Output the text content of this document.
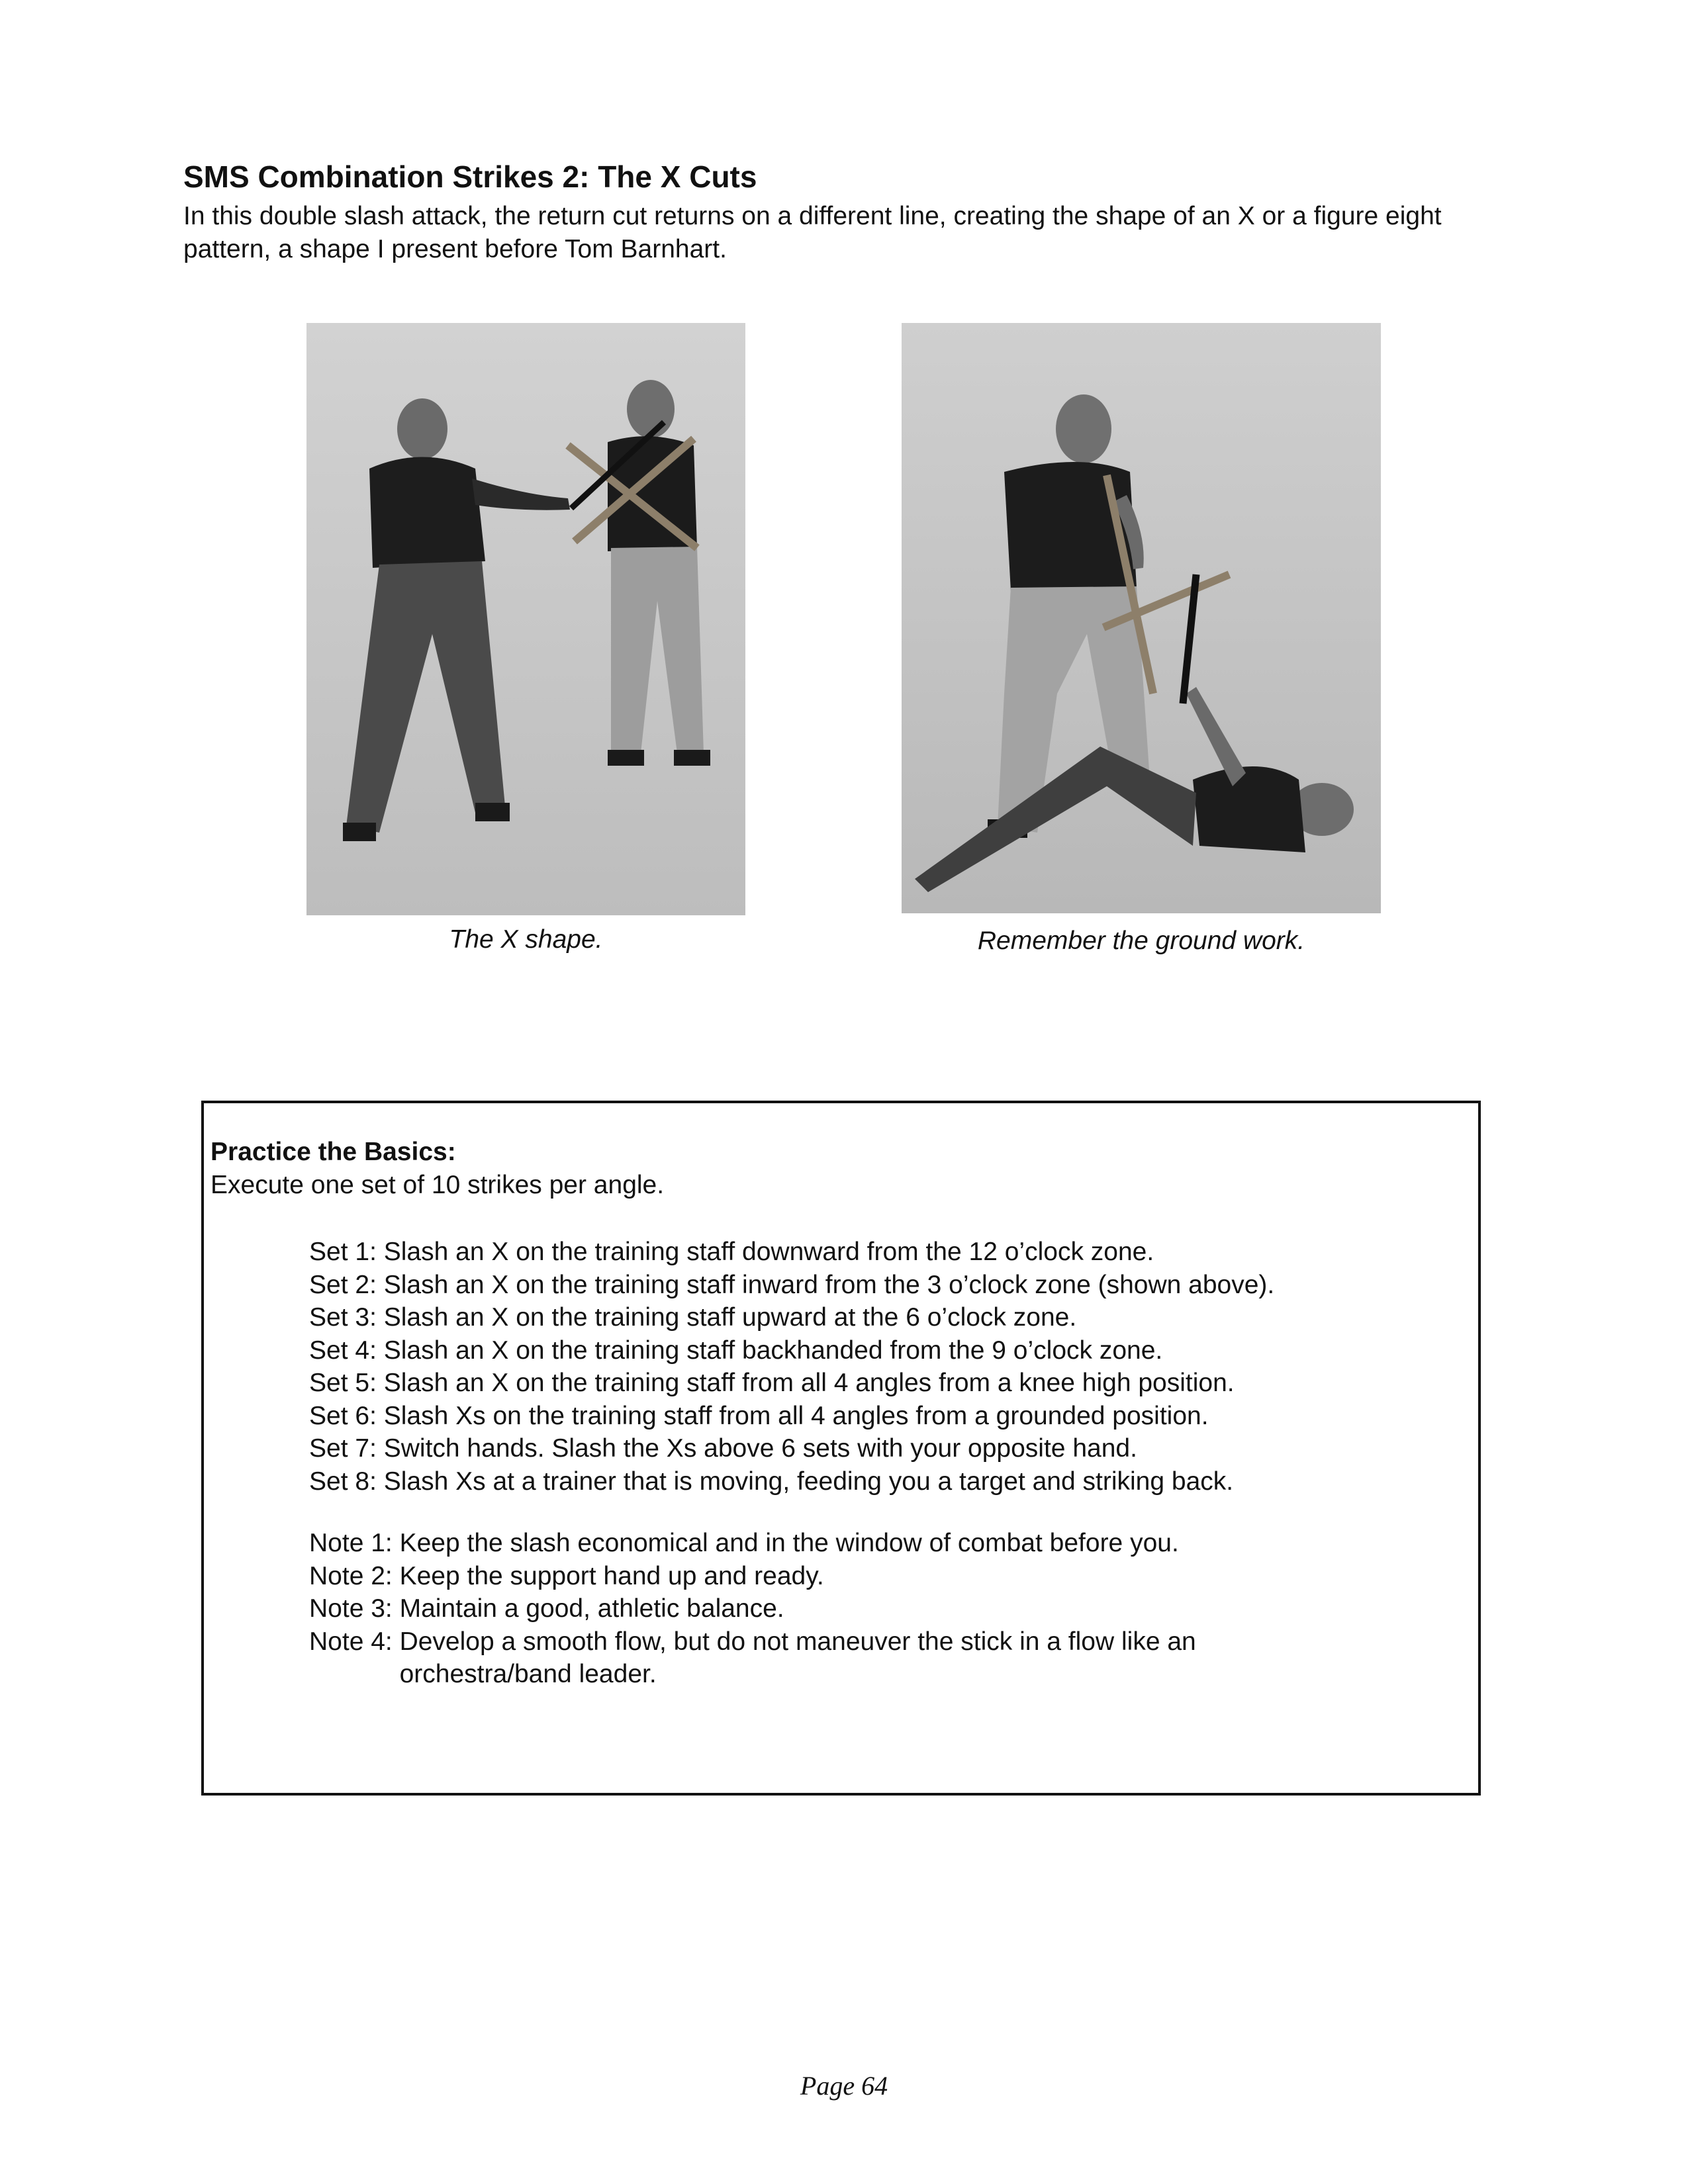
SMS Combination Strikes 2: The X Cuts
In this double slash attack, the return cut returns on a different line, creating the shape of an X or a figure eight pattern, a shape I present before Tom Barnhart.
The X shape.	Remember the ground work.
Practice the Basics:
Execute one set of 10 strikes per angle.
Set 1: Slash an X on the training staff downward from the 12 o’clock zone.
Set 2: Slash an X on the training staff inward from the 3 o’clock zone (shown above).
Set 3: Slash an X on the training staff upward at the 6 o’clock zone.
Set 4: Slash an X on the training staff backhanded from the 9 o’clock zone.
Set 5: Slash an X on the training staff from all 4 angles from a knee high position.
Set 6: Slash Xs on the training staff from all 4 angles from a grounded position.
Set 7: Switch hands. Slash the Xs above 6 sets with your opposite hand.
Set 8: Slash Xs at a trainer that is moving, feeding you a target and striking back.
Note 1: Keep the slash economical and in the window of combat before you.
Note 2: Keep the support hand up and ready.
Note 3: Maintain a good, athletic balance.
Note 4: Develop a smooth flow, but do not maneuver the stick in a flow like an orchestra/band leader.
Page 64
